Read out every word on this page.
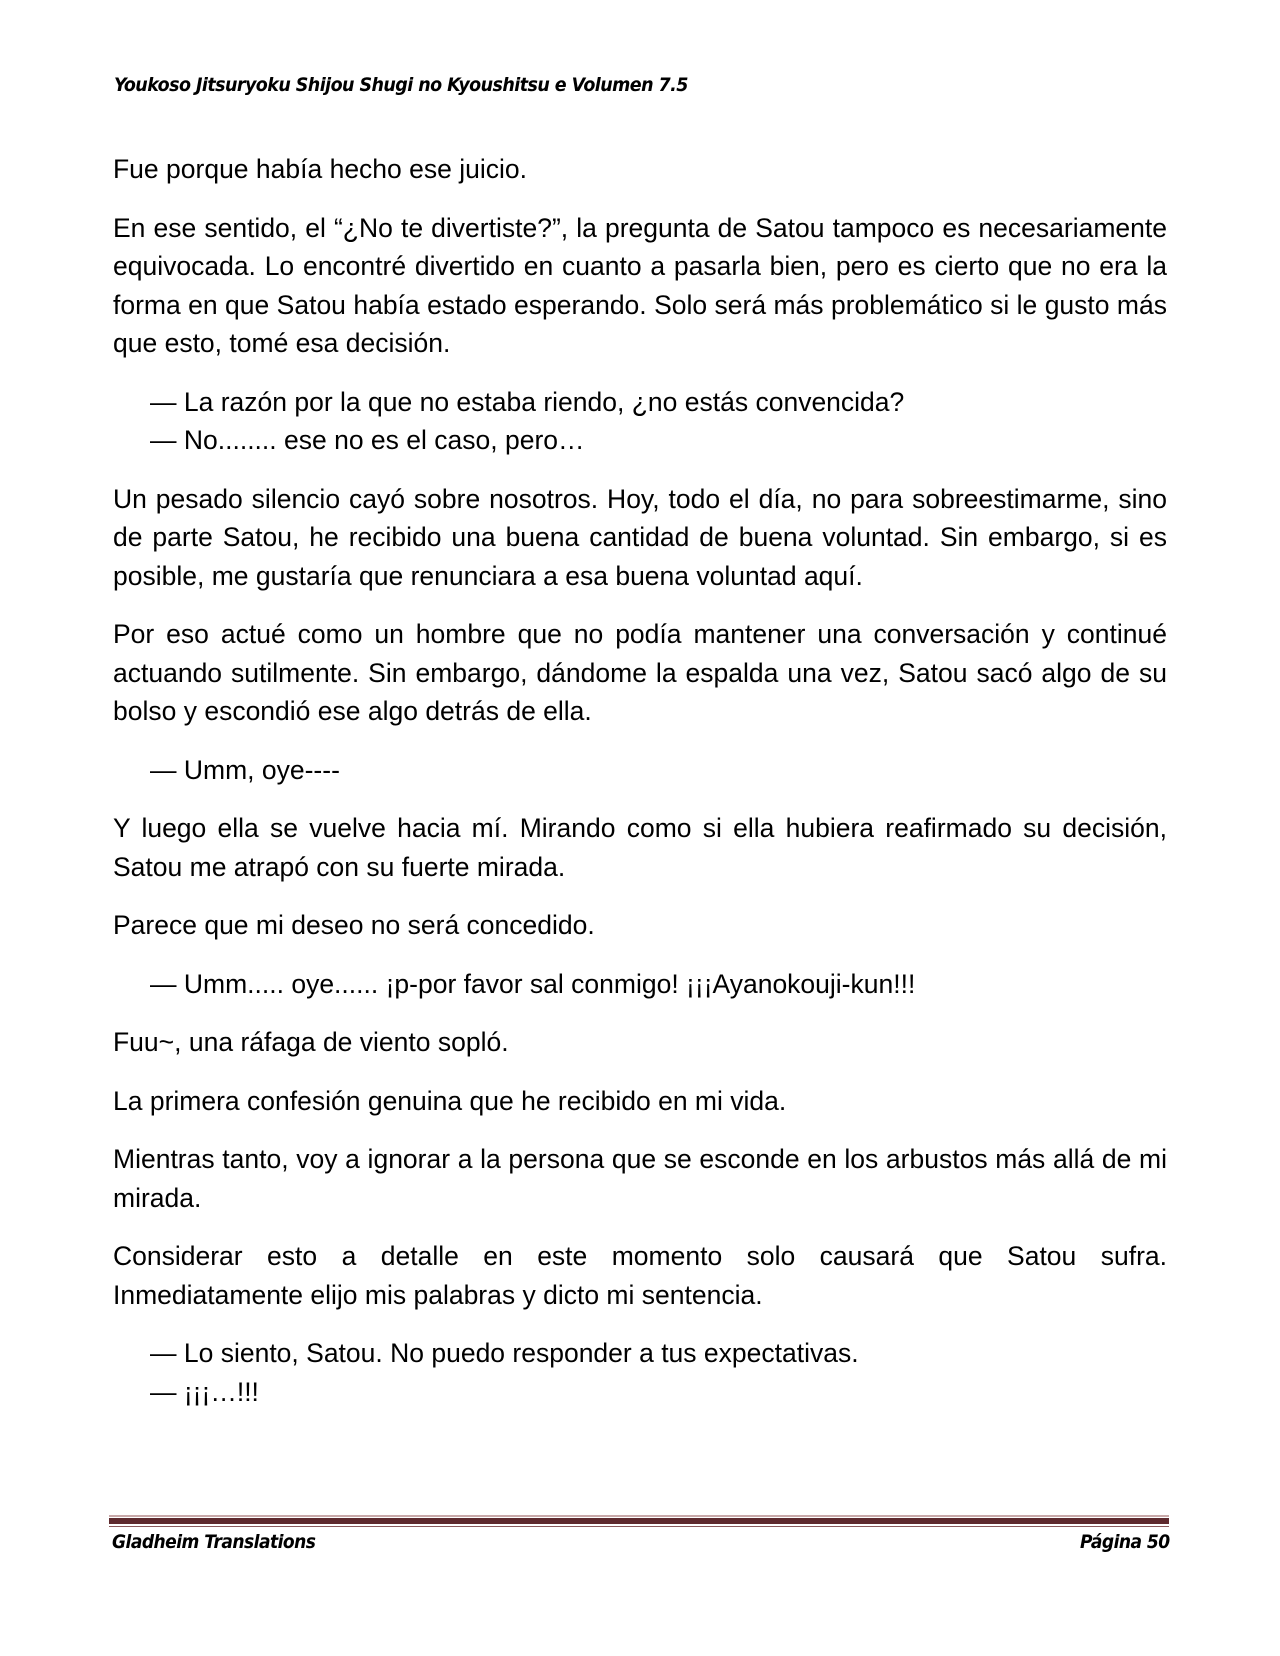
Youkoso Jitsuryoku Shijou Shugi no Kyoushitsu e Volumen 7.5

Fue porque había hecho ese juicio.

En ese sentido, el “¿No te divertiste?”, la pregunta de Satou tampoco es necesariamente equivocada. Lo encontré divertido en cuanto a pasarla bien, pero es cierto que no era la forma en que Satou había estado esperando. Solo será más problemático si le gusto más que esto, tomé esa decisión.

— La razón por la que no estaba riendo, ¿no estás convencida?

— No........ ese no es el caso, pero…

Un pesado silencio cayó sobre nosotros. Hoy, todo el día, no para sobreestimarme, sino de parte Satou, he recibido una buena cantidad de buena voluntad. Sin embargo, si es posible, me gustaría que renunciara a esa buena voluntad aquí.

Por eso actué como un hombre que no podía mantener una conversación y continué actuando sutilmente. Sin embargo, dándome la espalda una vez, Satou sacó algo de su bolso y escondió ese algo detrás de ella.

— Umm, oye----

Y luego ella se vuelve hacia mí. Mirando como si ella hubiera reafirmado su decisión, Satou me atrapó con su fuerte mirada.

Parece que mi deseo no será concedido.

— Umm..... oye...... ¡p-por favor sal conmigo! ¡¡¡Ayanokouji-kun!!!

Fuu~, una ráfaga de viento sopló.

La primera confesión genuina que he recibido en mi vida.

Mientras tanto, voy a ignorar a la persona que se esconde en los arbustos más allá de mi mirada.

Considerar esto a detalle en este momento solo causará que Satou sufra. Inmediatamente elijo mis palabras y dicto mi sentencia.

— Lo siento, Satou. No puedo responder a tus expectativas.

— ¡¡¡…!!!

Gladheim Translations	Página 50
